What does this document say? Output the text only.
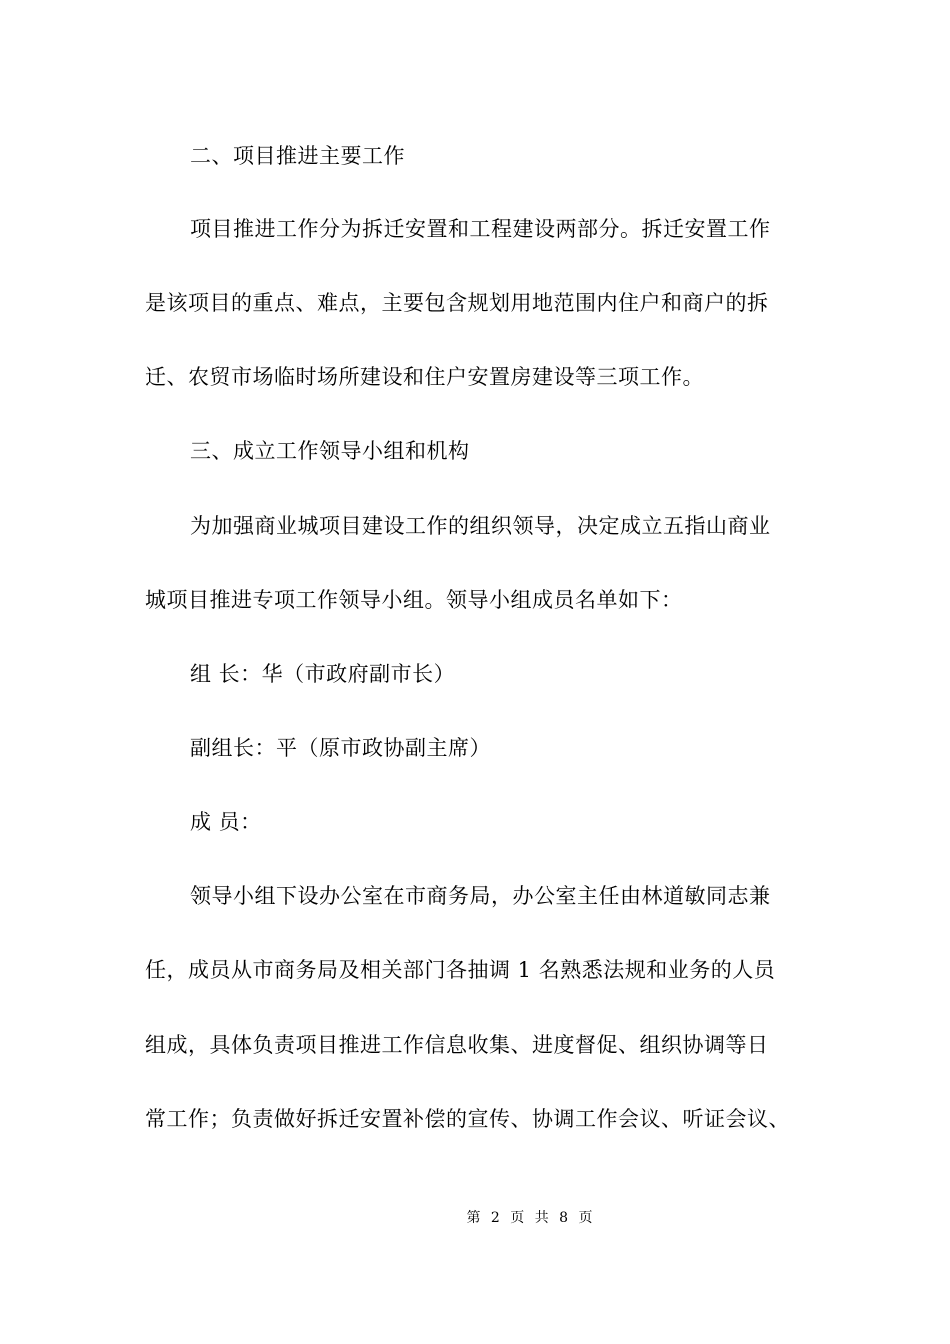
二、项目推进主要工作
项目推进工作分为拆迁安置和工程建设两部分。拆迁安置工作
是该项目的重点、难点，主要包含规划用地范围内住户和商户的拆
迁、农贸市场临时场所建设和住户安置房建设等三项工作。
三、成立工作领导小组和机构
为加强商业城项目建设工作的组织领导，决定成立五指山商业
城项目推进专项工作领导小组。领导小组成员名单如下：
组 长：华（市政府副市长）
副组长：平（原市政协副主席）
成 员：
领导小组下设办公室在市商务局，办公室主任由林道敏同志兼
任，成员从市商务局及相关部门各抽调 1 名熟悉法规和业务的人员
组成，具体负责项目推进工作信息收集、进度督促、组织协调等日
常工作；负责做好拆迁安置补偿的宣传、协调工作会议、听证会议、
第 2 页 共 8 页
